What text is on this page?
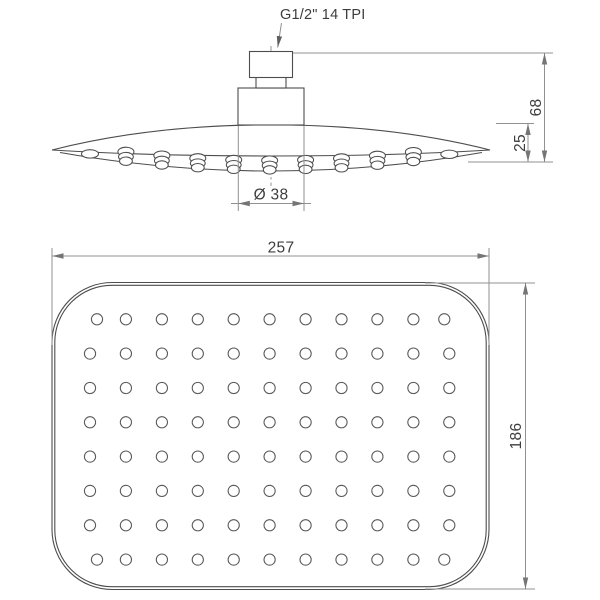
G1/2" 14 TPI
68
25
Ø 38
257
186
